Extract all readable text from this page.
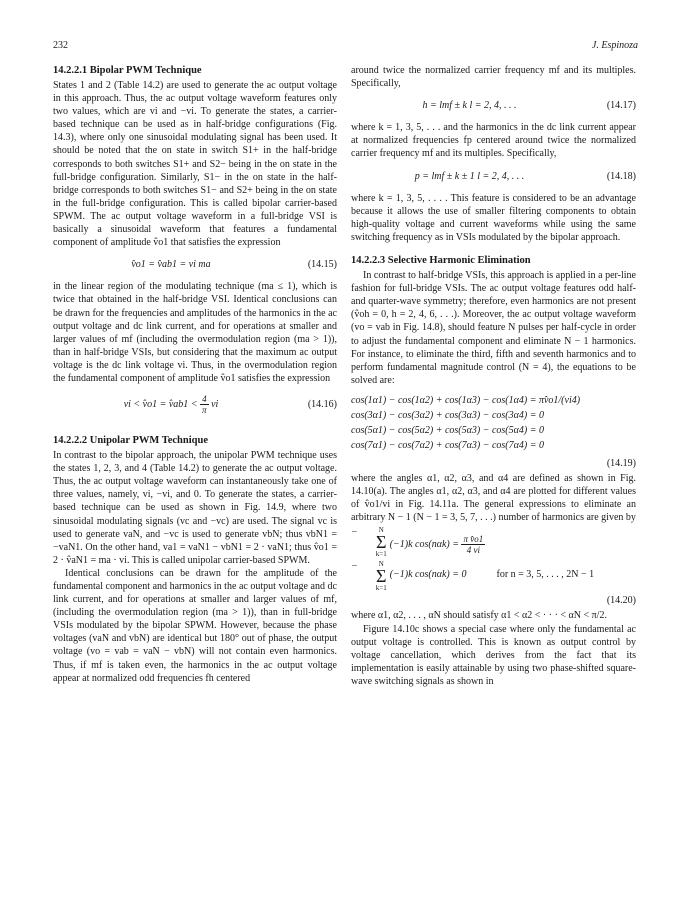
232	J. Espinoza
14.2.2.1 Bipolar PWM Technique

States 1 and 2 (Table 14.2) are used to generate the ac output voltage in this approach. Thus, the ac output voltage waveform features only two values, which are vi and −vi. To generate the states, a carrier-based technique can be used as in half-bridge configurations (Fig. 14.3), where only one sinusoidal modulating signal has been used. It should be noted that the on state in switch S1+ in the half-bridge corresponds to both switches S1+ and S2− being in the on state in the full-bridge configuration. Similarly, S1− in the on state in the half-bridge corresponds to both switches S1− and S2+ being in the on state in the full-bridge configuration. This is called bipolar carrier-based SPWM. The ac output voltage waveform in a full-bridge VSI is basically a sinusoidal waveform that features a fundamental component of amplitude v̂o1 that satisfies the expression

v̂o1 = v̂ab1 = vi ma	(14.15)

in the linear region of the modulating technique (ma ≤ 1), which is twice that obtained in the half-bridge VSI. Identical conclusions can be drawn for the frequencies and amplitudes of the harmonics in the ac output voltage and dc link current, and for operations at smaller and larger values of mf (including the overmodulation region (ma > 1)), than in half-bridge VSIs, but considering that the maximum ac output voltage is the dc link voltage vi. Thus, in the overmodulation region the fundamental component of amplitude v̂o1 satisfies the expression

vi < v̂o1 = v̂ab1 < $\frac{4}{\pi}$ vi	(14.16)
14.2.2.2 Unipolar PWM Technique

In contrast to the bipolar approach, the unipolar PWM technique uses the states 1, 2, 3, and 4 (Table 14.2) to generate the ac output voltage. Thus, the ac output voltage waveform can instantaneously take one of three values, namely, vi, −vi, and 0. To generate the states, a carrier-based technique can be used as shown in Fig. 14.9, where two sinusoidal modulating signals (vc and −vc) are used. The signal vc is used to generate vaN, and −vc is used to generate vbN; thus vbN1 = −vaN1. On the other hand, va1 = vaN1 − vbN1 = 2 · vaN1; thus v̂o1 = 2 · v̂aN1 = ma · vi. This is called unipolar carrier-based SPWM.

Identical conclusions can be drawn for the amplitude of the fundamental component and harmonics in the ac output voltage and dc link current, and for operations at smaller and larger values of mf, (including the overmodulation region (ma > 1)), than in full-bridge VSIs modulated by the bipolar SPWM. However, because the phase voltages (vaN and vbN) are identical but 180° out of phase, the output voltage (vo = vab = vaN − vbN) will not contain even harmonics. Thus, if mf is taken even, the harmonics in the ac output voltage appear at normalized odd frequencies fh centered

around twice the normalized carrier frequency mf and its multiples. Specifically,

h = lmf ± k l = 2, 4, . . .	(14.17)

where k = 1, 3, 5, . . . and the harmonics in the dc link current appear at normalized frequencies fp centered around twice the normalized carrier frequency mf and its multiples. Specifically,

p = lmf ± k ± 1 l = 2, 4, . . .	(14.18)

where k = 1, 3, 5, . . . . This feature is considered to be an advantage because it allows the use of smaller filtering components to obtain high-quality voltage and current waveforms while using the same switching frequency as in VSIs modulated by the bipolar approach.

14.2.2.3 Selective Harmonic Elimination

In contrast to half-bridge VSIs, this approach is applied in a per-line fashion for full-bridge VSIs. The ac output voltage features odd half- and quarter-wave symmetry; therefore, even harmonics are not present (v̂oh = 0, h = 2, 4, 6, . . .). Moreover, the ac output voltage waveform (vo = vab in Fig. 14.8), should feature N pulses per half-cycle in order to adjust the fundamental component and eliminate N − 1 harmonics. For instance, to eliminate the third, fifth and seventh harmonics and to perform fundamental magnitude control (N = 4), the equations to be solved are:

cos(1α1) − cos(1α2) + cos(1α3) − cos(1α4) = πv̂o1/(vi4)
cos(3α1) − cos(3α2) + cos(3α3) − cos(3α4) = 0
cos(5α1) − cos(5α2) + cos(5α3) − cos(5α4) = 0
cos(7α1) − cos(7α2) + cos(7α3) − cos(7α4) = 0
(14.19)

where the angles α1, α2, α3, and α4 are defined as shown in Fig. 14.10(a). The angles α1, α2, α3, and α4 are plotted for different values of v̂o1/vi in Fig. 14.11a. The general expressions to eliminate an arbitrary N − 1 (N − 1 = 3, 5, 7, . . .) number of harmonics are given by

−	N
Σ
k=1
(−1)k $\cos(n\alpha k) = \frac{\text{π v̂o1}}{4 vi}$
−	N
Σ
k=1
(−1)k cos(nαk) = 0	for n = 3, 5, . . . , 2N − 1
(14.20)

where α1, α2, . . . , αN should satisfy α1 < α2 < · · · < αN < π/2.

Figure 14.10c shows a special case where only the fundamental ac output voltage is controlled. This is known as output control by voltage cancellation, which derives from the fact that its implementation is easily attainable by using two phase-shifted square-wave switching signals as shown in
